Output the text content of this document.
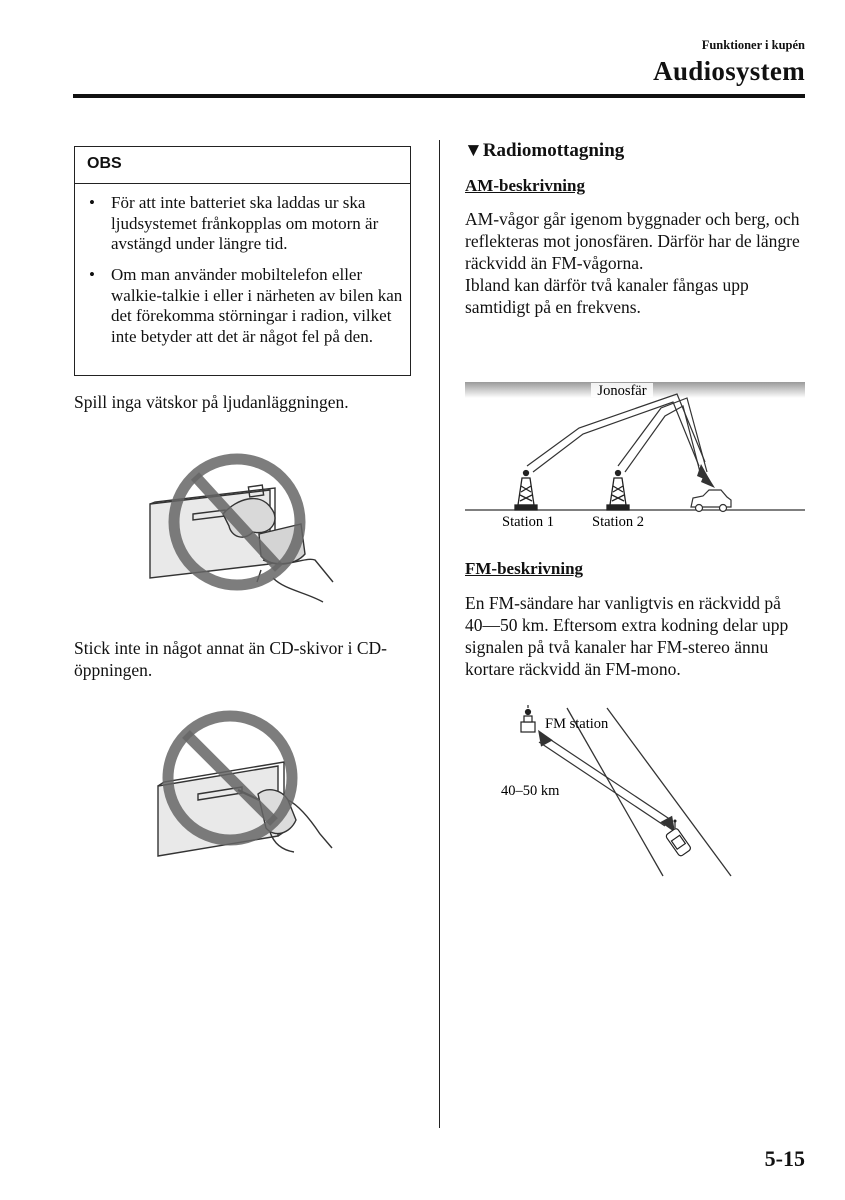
Funktioner i kupén
Audiosystem
OBS
• För att inte batteriet ska laddas ur ska ljudsystemet frånkopplas om motorn är avstängd under längre tid.
• Om man använder mobiltelefon eller walkie-talkie i eller i närheten av bilen kan det förekomma störningar i radion, vilket inte betyder att det är något fel på den.
Spill inga vätskor på ljudanläggningen.
Stick inte in något annat än CD-skivor i CD-öppningen.
▼Radiomottagning
AM-beskrivning
AM-vågor går igenom byggnader och berg, och reflekteras mot jonosfären. Därför har de längre räckvidd än FM-vågorna.
Ibland kan därför två kanaler fångas upp samtidigt på en frekvens.
Jonosfär
Station 1	Station 2
FM-beskrivning
En FM-sändare har vanligtvis en räckvidd på 40―50 km. Eftersom extra kodning delar upp signalen på två kanaler har FM-stereo ännu kortare räckvidd än FM-mono.
FM station
40–50 km
5-15
